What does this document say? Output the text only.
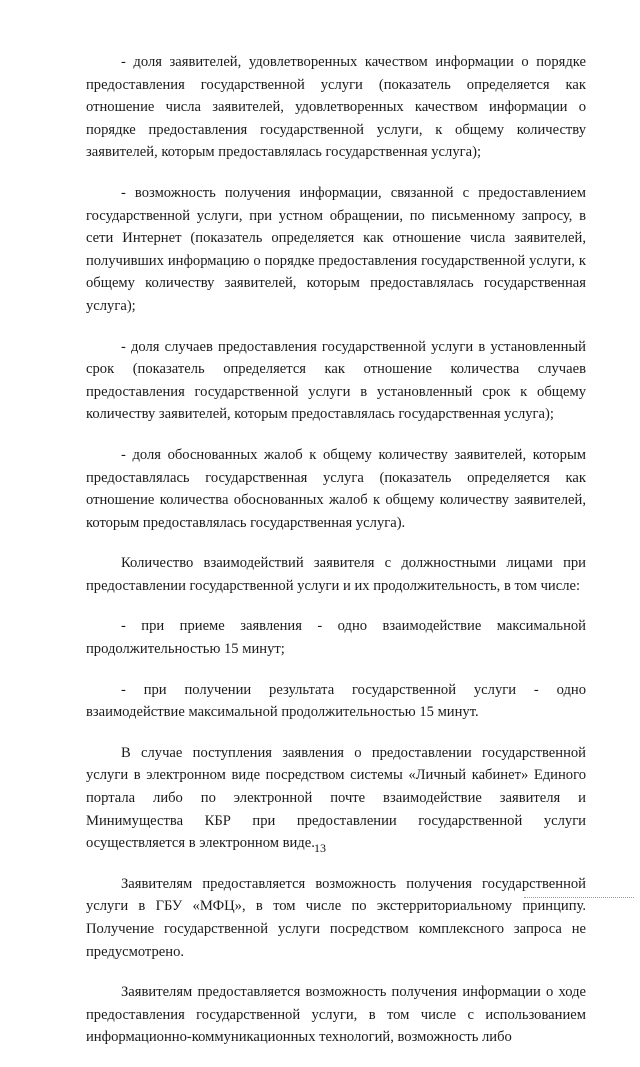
- доля заявителей, удовлетворенных качеством информации о порядке предоставления государственной услуги (показатель определяется как отношение числа заявителей, удовлетворенных качеством информации о порядке предоставления государственной услуги, к общему количеству заявителей, которым предоставлялась государственная услуга);

- возможность получения информации, связанной с предоставлением государственной услуги, при устном обращении, по письменному запросу, в сети Интернет (показатель определяется как отношение числа заявителей, получивших информацию о порядке предоставления государственной услуги, к общему количеству заявителей, которым предоставлялась государственная услуга);

- доля случаев предоставления государственной услуги в установленный срок (показатель определяется как отношение количества случаев предоставления государственной услуги в установленный срок к общему количеству заявителей, которым предоставлялась государственная услуга);

- доля обоснованных жалоб к общему количеству заявителей, которым предоставлялась государственная услуга (показатель определяется как отношение количества обоснованных жалоб к общему количеству заявителей, которым предоставлялась государственная услуга).

Количество взаимодействий заявителя с должностными лицами при предоставлении государственной услуги и их продолжительность, в том числе:

- при приеме заявления - одно взаимодействие максимальной продолжительностью 15 минут;

- при получении результата государственной услуги - одно взаимодействие максимальной продолжительностью 15 минут.

В случае поступления заявления о предоставлении государственной услуги в электронном виде посредством системы «Личный кабинет» Единого портала либо по электронной почте взаимодействие заявителя и Минимущества КБР при предоставлении государственной услуги осуществляется в электронном виде.

Заявителям предоставляется возможность получения государственной услуги в ГБУ «МФЦ», в том числе по экстерриториальному принципу. Получение государственной услуги посредством комплексного запроса не предусмотрено.

Заявителям предоставляется возможность получения информации о ходе предоставления государственной услуги, в том числе с использованием информационно-коммуникационных технологий, возможность либо

13
